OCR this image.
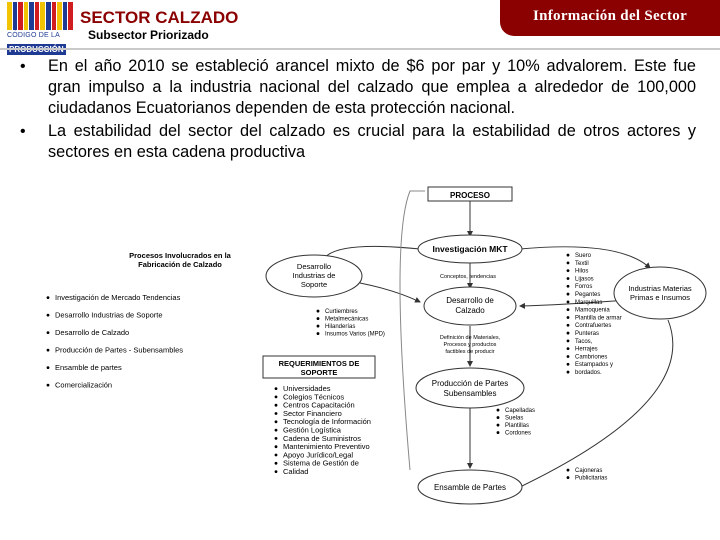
CÓDIGO DE LA
SECTOR CALZADO
Subsector Priorizado
Información del Sector
• En el año 2010 se estableció arancel mixto de $6 por par y 10% advalorem. Este fue gran impulso a la industria nacional del calzado que emplea a alrededor de 100,000 ciudadanos Ecuatorianos dependen de esta protección nacional.
• La estabilidad del sector del calzado es crucial para la estabilidad de otros actores y sectores en esta cadena productiva
PROCESO
Investigación MKT
Conceptos, tendencias
Desarrollo de
Calzado
Definición de Materiales,
Procesos y productos
factibles de producir
Producción de Partes
Subensambles
Ensamble de Partes
Desarrollo
Industrias de
Soporte	Industrias Materias
Primas e Insumos
Procesos Involucrados en la
Fabricación de Calzado
Investigación de Mercado Tendencias
Desarrollo Industrias de Soporte
Desarrollo de Calzado
Producción de Partes - Subensambles
Ensamble de partes
Comercialización
Curtiembres
Metalmecánicas
Hilanderías
Insumos Varios (MPD)
REQUERIMIENTOS DE
SOPORTE
Universidades
Colegios Técnicos
Centros Capacitación
Sector Financiero
Tecnología de Información
Gestión Logística
Cadena de Suministros
Mantenimiento Preventivo
Apoyo Jurídico/Legal
Sistema de Gestión de
Calidad
Suero
Textil
Hilos
Lijasos
Forros
Pegantes
Marquillas
Mamoquenia
Plantilla de armar
Contrafuertes
Punteras
Tacos,
Herrajes
Cambriones
Estampados y
bordados.
Capelladas
Suelas
Plantillas
Cordones
Cajoneras
Publicitarias
